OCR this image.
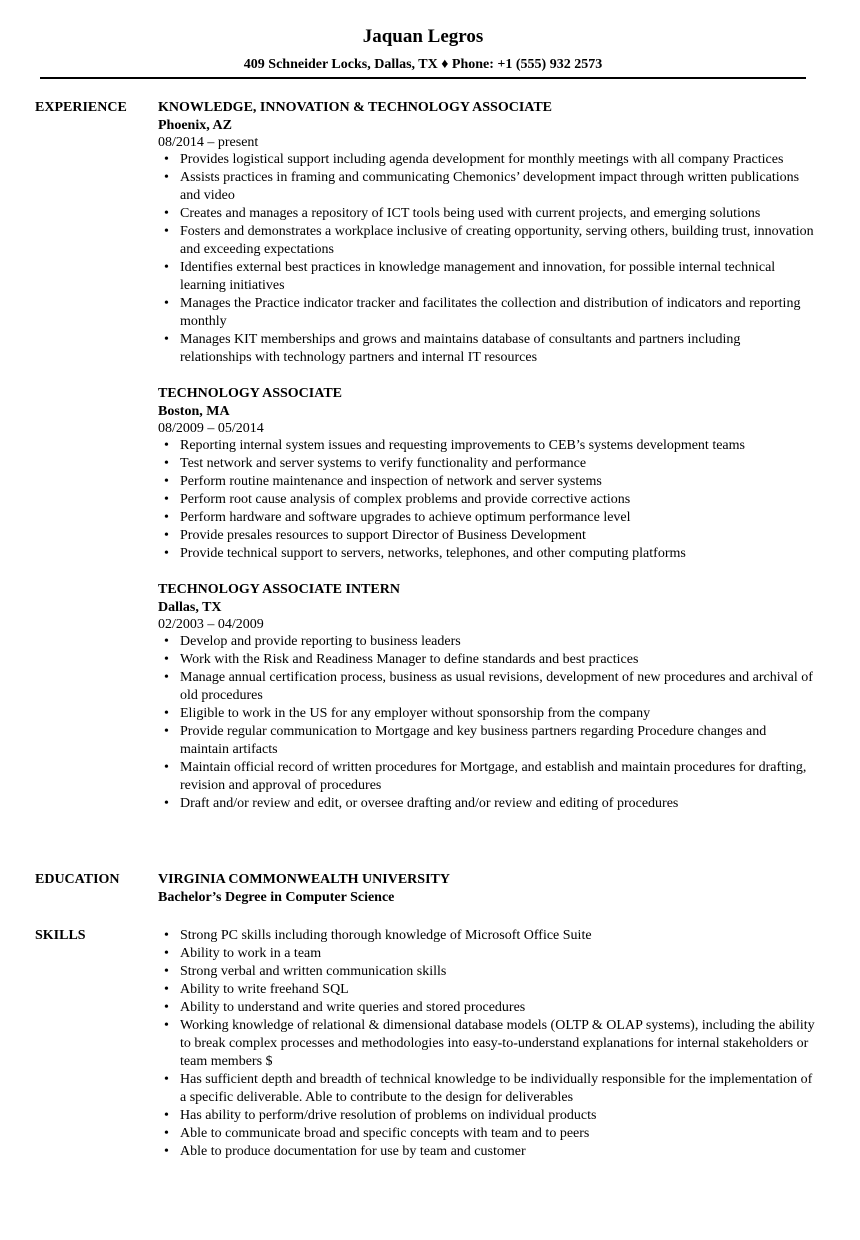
Jaquan Legros
409 Schneider Locks, Dallas, TX ♦ Phone: +1 (555) 932 2573
EXPERIENCE KNOWLEDGE, INNOVATION & TECHNOLOGY ASSOCIATE
Phoenix, AZ
08/2014 – present
• Provides logistical support including agenda development for monthly meetings with all company Practices
• Assists practices in framing and communicating Chemonics’ development impact through written publications and video
• Creates and manages a repository of ICT tools being used with current projects, and emerging solutions
• Fosters and demonstrates a workplace inclusive of creating opportunity, serving others, building trust, innovation and exceeding expectations
• Identifies external best practices in knowledge management and innovation, for possible internal technical learning initiatives
• Manages the Practice indicator tracker and facilitates the collection and distribution of indicators and reporting monthly
• Manages KIT memberships and grows and maintains database of consultants and partners including relationships with technology partners and internal IT resources
TECHNOLOGY ASSOCIATE
Boston, MA
08/2009 – 05/2014
• Reporting internal system issues and requesting improvements to CEB’s systems development teams
• Test network and server systems to verify functionality and performance
• Perform routine maintenance and inspection of network and server systems
• Perform root cause analysis of complex problems and provide corrective actions
• Perform hardware and software upgrades to achieve optimum performance level
• Provide presales resources to support Director of Business Development
• Provide technical support to servers, networks, telephones, and other computing platforms
TECHNOLOGY ASSOCIATE INTERN
Dallas, TX
02/2003 – 04/2009
• Develop and provide reporting to business leaders
• Work with the Risk and Readiness Manager to define standards and best practices
• Manage annual certification process, business as usual revisions, development of new procedures and archival of old procedures
• Eligible to work in the US for any employer without sponsorship from the company
• Provide regular communication to Mortgage and key business partners regarding Procedure changes and maintain artifacts
• Maintain official record of written procedures for Mortgage, and establish and maintain procedures for drafting, revision and approval of procedures
• Draft and/or review and edit, or oversee drafting and/or review and editing of procedures
EDUCATION	VIRGINIA COMMONWEALTH UNIVERSITY
Bachelor’s Degree in Computer Science
SKILLS	• Strong PC skills including thorough knowledge of Microsoft Office Suite
• Ability to work in a team
• Strong verbal and written communication skills
• Ability to write freehand SQL
• Ability to understand and write queries and stored procedures
• Working knowledge of relational & dimensional database models (OLTP & OLAP systems), including the ability to break complex processes and methodologies into easy-to-understand explanations for internal stakeholders or team members $
• Has sufficient depth and breadth of technical knowledge to be individually responsible for the implementation of a specific deliverable. Able to contribute to the design for deliverables
• Has ability to perform/drive resolution of problems on individual products
• Able to communicate broad and specific concepts with team and to peers
• Able to produce documentation for use by team and customer
